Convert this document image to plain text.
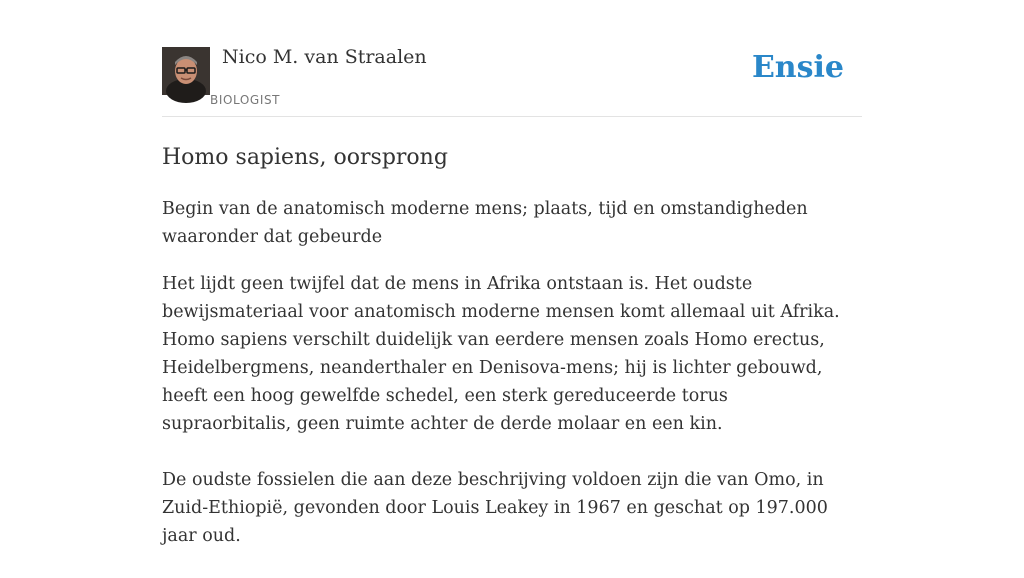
Nico M. van Straalen
BIOLOGIST
Ensie
Homo sapiens, oorsprong

Begin van de anatomisch moderne mens; plaats, tijd en omstandigheden waaronder dat gebeurde

Het lijdt geen twijfel dat de mens in Afrika ontstaan is. Het oudste bewijsmateriaal voor anatomisch moderne mensen komt allemaal uit Afrika. Homo sapiens verschilt duidelijk van eerdere mensen zoals Homo erectus, Heidelbergmens, neanderthaler en Denisova-mens; hij is lichter gebouwd, heeft een hoog gewelfde schedel, een sterk gereduceerde torus supraorbitalis, geen ruimte achter de derde molaar en een kin.

De oudste fossielen die aan deze beschrijving voldoen zijn die van Omo, in Zuid-Ethiopië, gevonden door Louis Leakey in 1967 en geschat op 197.000 jaar oud.
